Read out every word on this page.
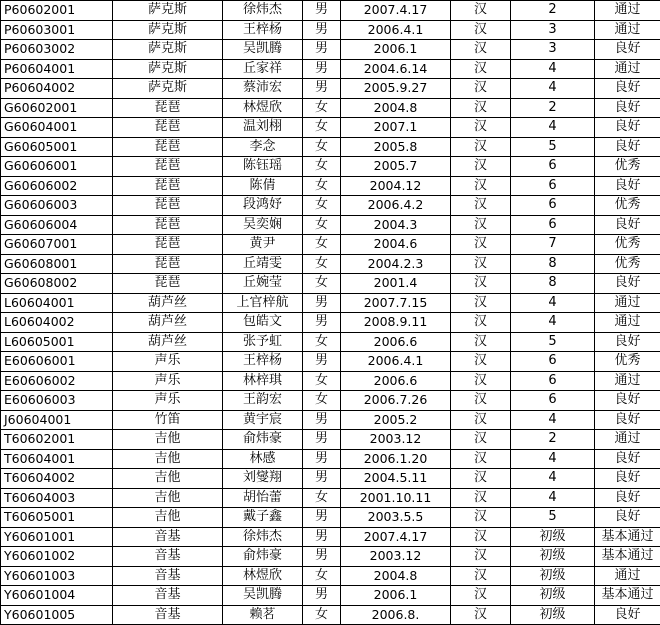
P60602001	萨克斯	徐炜杰	男	2007.4.17	汉	2	通过
P60603001	萨克斯	王梓杨	男	2006.4.1	汉	3	通过
P60603002	萨克斯	吴凯腾	男	2006.1	汉	3	良好
P60604001	萨克斯	丘家祥	男	2004.6.14	汉	4	通过
P60604002	萨克斯	蔡沛宏	男	2005.9.27	汉	4	良好
G60602001	琵琶	林煜欣	女	2004.8	汉	2	良好
G60604001	琵琶	温刘栩	女	2007.1	汉	4	良好
G60605001	琵琶	李念	女	2005.8	汉	5	良好
G60606001	琵琶	陈钰瑶	女	2005.7	汉	6	优秀
G60606002	琵琶	陈倩	女	2004.12	汉	6	良好
G60606003	琵琶	段鸿妤	女	2006.4.2	汉	6	优秀
G60606004	琵琶	吴奕娴	女	2004.3	汉	6	良好
G60607001	琵琶	黄尹	女	2004.6	汉	7	优秀
G60608001	琵琶	丘靖雯	女	2004.2.3	汉	8	优秀
G60608002	琵琶	丘婉莹	女	2001.4	汉	8	良好
L60604001	葫芦丝	上官梓航	男	2007.7.15	汉	4	通过
L60604002	葫芦丝	包皓文	男	2008.9.11	汉	4	通过
L60605001	葫芦丝	张予虹	女	2006.6	汉	5	良好
E60606001	声乐	王梓杨	男	2006.4.1	汉	6	优秀
E60606002	声乐	林梓琪	女	2006.6	汉	6	通过
E60606003	声乐	王韵宏	女	2006.7.26	汉	6	良好
J60604001	竹笛	黄宇宸	男	2005.2	汉	4	良好
T60602001	吉他	俞炜豪	男	2003.12	汉	2	通过
T60604001	吉他	林感	男	2006.1.20	汉	4	良好
T60604002	吉他	刘燮翔	男	2004.5.11	汉	4	良好
T60604003	吉他	胡怡蕾	女	2001.10.11	汉	4	良好
T60605001	吉他	戴子鑫	男	2003.5.5	汉	5	良好
Y60601001	音基	徐炜杰	男	2007.4.17	汉	初级	基本通过
Y60601002	音基	俞炜豪	男	2003.12	汉	初级	基本通过
Y60601003	音基	林煜欣	女	2004.8	汉	初级	通过
Y60601004	音基	吴凯腾	男	2006.1	汉	初级	基本通过
Y60601005	音基	赖茗	女	2006.8.	汉	初级	良好
